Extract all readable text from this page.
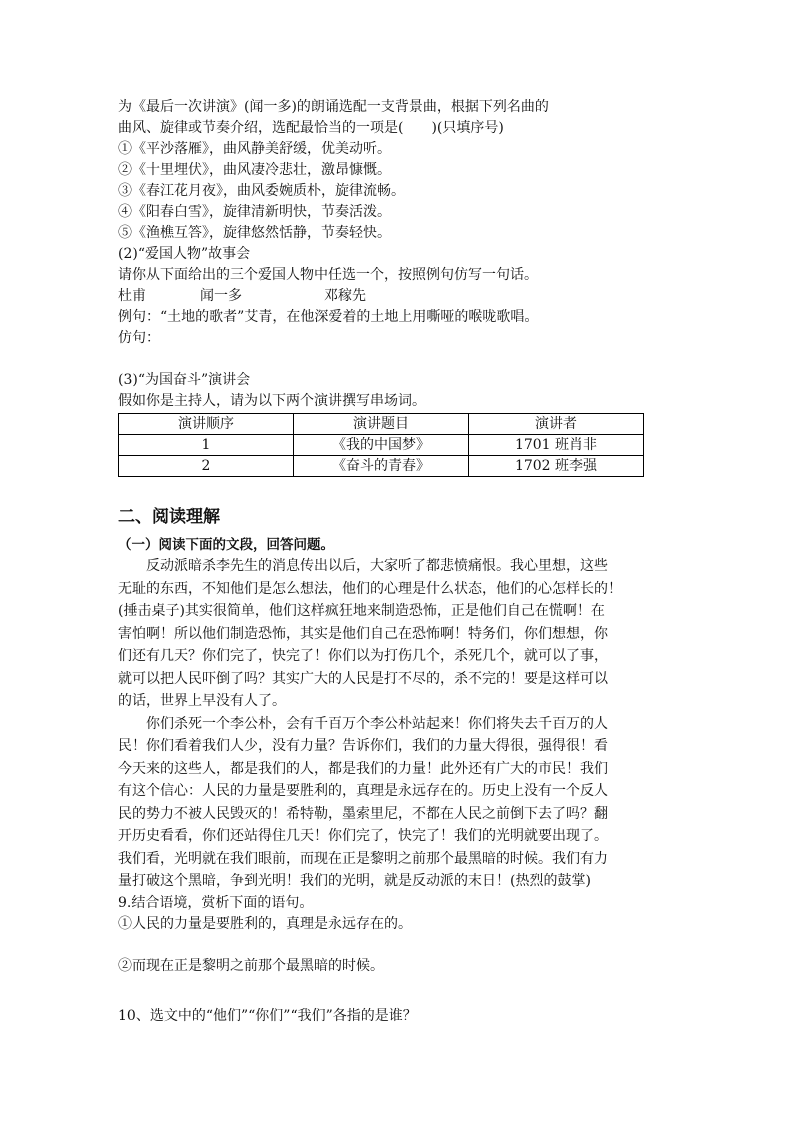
为《最后一次讲演》(闻一多)的朗诵选配一支背景曲，根据下列名曲的
曲风、旋律或节奏介绍，选配最恰当的一项是(　　)(只填序号)
①《平沙落雁》，曲风静美舒缓，优美动听。
②《十里埋伏》，曲风凄冷悲壮，激昂慷慨。
③《春江花月夜》，曲风委婉质朴，旋律流畅。
④《阳春白雪》，旋律清新明快，节奏活泼。
⑤《渔樵互答》，旋律悠然恬静，节奏轻快。
(2)“爱国人物”故事会
请你从下面给出的三个爱国人物中任选一个，按照例句仿写一句话。
杜甫	闻一多	邓稼先
例句：“土地的歌者”艾青，在他深爱着的土地上用嘶哑的喉咙歌唱。
仿句：
(3)“为国奋斗”演讲会
假如你是主持人，请为以下两个演讲撰写串场词。
演讲顺序	演讲题目	演讲者
1	《我的中国梦》	1701 班肖非
2	《奋斗的青春》	1702 班李强
二、阅读理解
（一）阅读下面的文段，回答问题。
反动派暗杀李先生的消息传出以后，大家听了都悲愤痛恨。我心里想，这些
无耻的东西，不知他们是怎么想法，他们的心理是什么状态，他们的心怎样长的！
(捶击桌子)其实很简单，他们这样疯狂地来制造恐怖，正是他们自己在慌啊！在
害怕啊！所以他们制造恐怖，其实是他们自己在恐怖啊！特务们，你们想想，你
们还有几天？你们完了，快完了！你们以为打伤几个，杀死几个，就可以了事，
就可以把人民吓倒了吗？其实广大的人民是打不尽的，杀不完的！要是这样可以
的话，世界上早没有人了。
你们杀死一个李公朴，会有千百万个李公朴站起来！你们将失去千百万的人
民！你们看着我们人少，没有力量？告诉你们，我们的力量大得很，强得很！看
今天来的这些人，都是我们的人，都是我们的力量！此外还有广大的市民！我们
有这个信心：人民的力量是要胜利的，真理是永远存在的。历史上没有一个反人
民的势力不被人民毁灭的！希特勒，墨索里尼，不都在人民之前倒下去了吗？翻
开历史看看，你们还站得住几天！你们完了，快完了！我们的光明就要出现了。
我们看，光明就在我们眼前，而现在正是黎明之前那个最黑暗的时候。我们有力
量打破这个黑暗，争到光明！我们的光明，就是反动派的末日！(热烈的鼓掌)
9.结合语境，赏析下面的语句。
①人民的力量是要胜利的，真理是永远存在的。
②而现在正是黎明之前那个最黑暗的时候。
10、选文中的“他们”“你们”“我们”各指的是谁？
